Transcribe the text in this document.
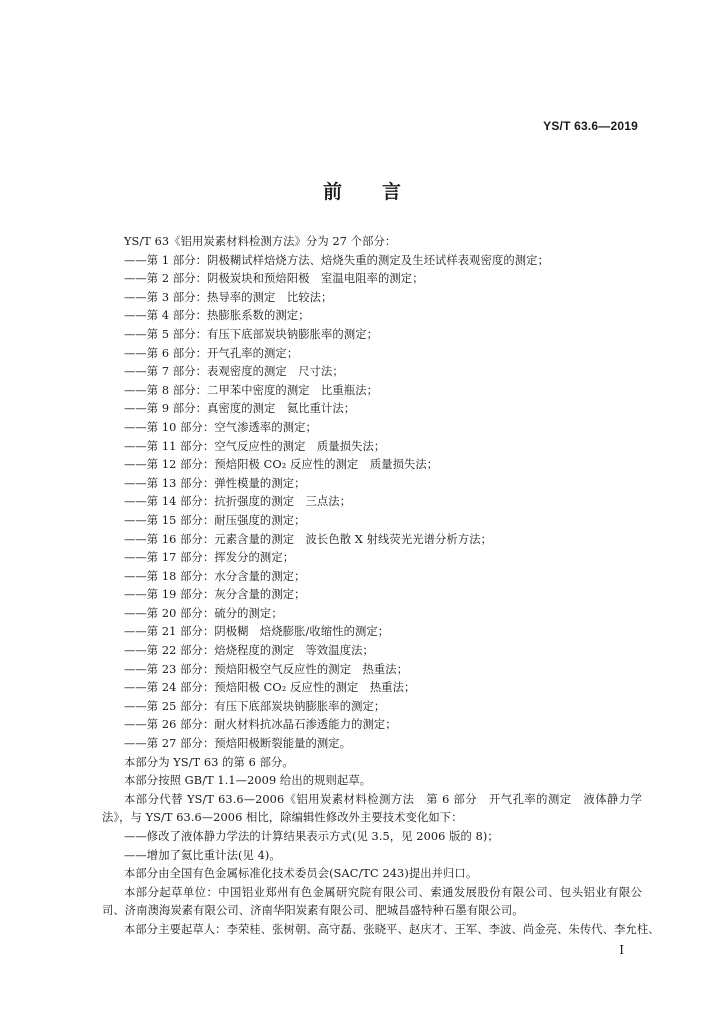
YS/T 63.6—2019
前 言
YS/T 63《铝用炭素材料检测方法》分为 27 个部分：
——第 1 部分：阴极糊试样焙烧方法、焙烧失重的测定及生坯试样表观密度的测定；
——第 2 部分：阴极炭块和预焙阳极　室温电阻率的测定；
——第 3 部分：热导率的测定　比较法；
——第 4 部分：热膨胀系数的测定；
——第 5 部分：有压下底部炭块钠膨胀率的测定；
——第 6 部分：开气孔率的测定；
——第 7 部分：表观密度的测定　尺寸法；
——第 8 部分：二甲苯中密度的测定　比重瓶法；
——第 9 部分：真密度的测定　氦比重计法；
——第 10 部分：空气渗透率的测定；
——第 11 部分：空气反应性的测定　质量损失法；
——第 12 部分：预焙阳极 CO₂ 反应性的测定　质量损失法；
——第 13 部分：弹性模量的测定；
——第 14 部分：抗折强度的测定　三点法；
——第 15 部分：耐压强度的测定；
——第 16 部分：元素含量的测定　波长色散 X 射线荧光光谱分析方法；
——第 17 部分：挥发分的测定；
——第 18 部分：水分含量的测定；
——第 19 部分：灰分含量的测定；
——第 20 部分：硫分的测定；
——第 21 部分：阴极糊　焙烧膨胀/收缩性的测定；
——第 22 部分：焙烧程度的测定　等效温度法；
——第 23 部分：预焙阳极空气反应性的测定　热重法；
——第 24 部分：预焙阳极 CO₂ 反应性的测定　热重法；
——第 25 部分：有压下底部炭块钠膨胀率的测定；
——第 26 部分：耐火材料抗冰晶石渗透能力的测定；
——第 27 部分：预焙阳极断裂能量的测定。
本部分为 YS/T 63 的第 6 部分。
本部分按照 GB/T 1.1—2009 给出的规则起草。
本部分代替 YS/T 63.6—2006《铝用炭素材料检测方法　第 6 部分　开气孔率的测定　液体静力学法》，与 YS/T 63.6—2006 相比，除编辑性修改外主要技术变化如下：
——修改了液体静力学法的计算结果表示方式(见 3.5，见 2006 版的 8)；
——增加了氦比重计法(见 4)。
本部分由全国有色金属标准化技术委员会(SAC/TC 243)提出并归口。
本部分起草单位：中国铝业郑州有色金属研究院有限公司、索通发展股份有限公司、包头铝业有限公司、济南澳海炭素有限公司、济南华阳炭素有限公司、肥城昌盛特种石墨有限公司。
本部分主要起草人：李荣桂、张树朝、高守磊、张晓平、赵庆才、王军、李波、尚金亮、朱传代、李允柱、
I
